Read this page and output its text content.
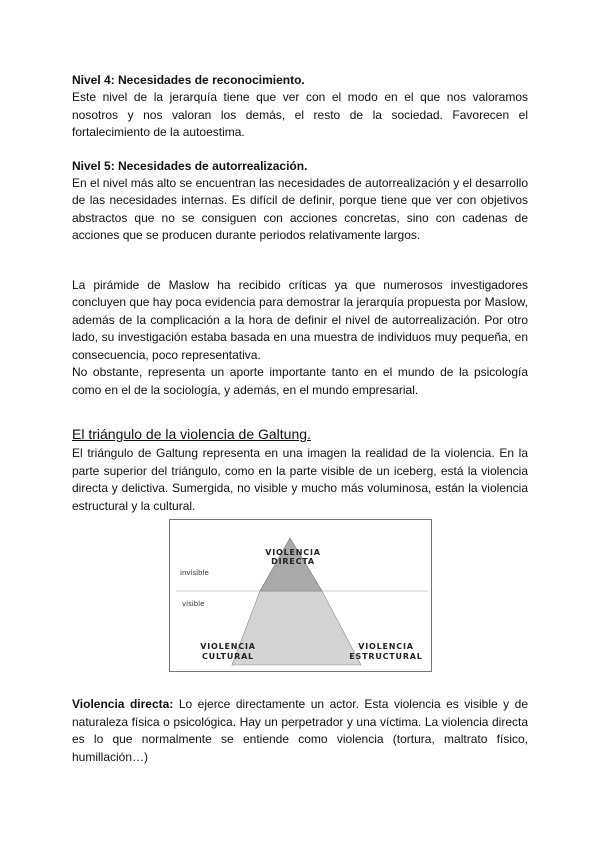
Nivel 4: Necesidades de reconocimiento.

Este nivel de la jerarquía tiene que ver con el modo en el que nos valoramos nosotros y nos valoran los demás, el resto de la sociedad. Favorecen el fortalecimiento de la autoestima.

Nivel 5: Necesidades de autorrealización.

En el nivel más alto se encuentran las necesidades de autorrealización y el desarrollo de las necesidades internas. Es difícil de definir, porque tiene que ver con objetivos abstractos que no se consiguen con acciones concretas, sino con cadenas de acciones que se producen durante periodos relativamente largos.

La pirámide de Maslow ha recibido críticas ya que numerosos investigadores concluyen que hay poca evidencia para demostrar la jerarquía propuesta por Maslow, además de la complicación a la hora de definir el nivel de autorrealización. Por otro lado, su investigación estaba basada en una muestra de individuos muy pequeña, en consecuencia, poco representativa.

No obstante, representa un aporte importante tanto en el mundo de la psicología como en el de la sociología, y además, en el mundo empresarial.

El triángulo de la violencia de Galtung.

El triángulo de Galtung representa en una imagen la realidad de la violencia. En la parte superior del triángulo, como en la parte visible de un iceberg, está la violencia directa y delictiva. Sumergida, no visible y mucho más voluminosa, están la violencia estructural y la cultural.

invisible
visible
VIOLENCIA
DIRECTA
VIOLENCIA
CULTURAL
VIOLENCIA
ESTRUCTURAL

Violencia directa: Lo ejerce directamente un actor. Esta violencia es visible y de naturaleza física o psicológica. Hay un perpetrador y una víctima. La violencia directa es lo que normalmente se entiende como violencia (tortura, maltrato físico, humillación…)
